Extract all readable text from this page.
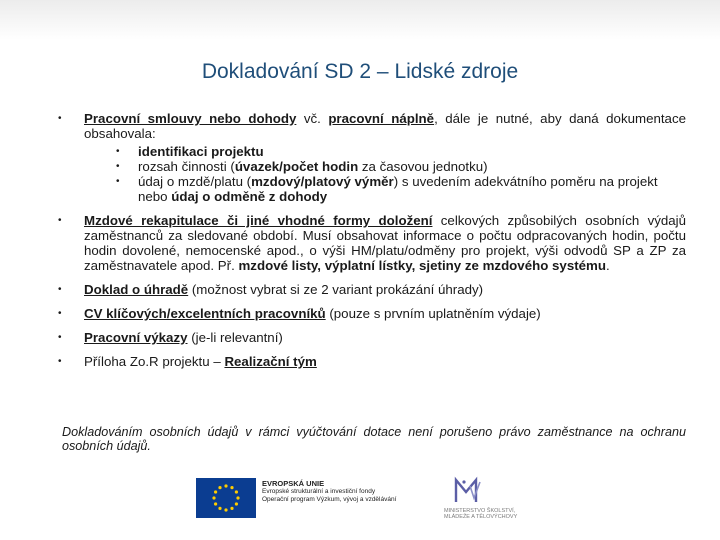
Dokladování SD 2 – Lidské zdroje
• Pracovní smlouvy nebo dohody vč. pracovní náplně, dále je nutné, aby daná dokumentace obsahovala:
• identifikaci projektu
• rozsah činnosti (úvazek/počet hodin za časovou jednotku)
• údaj o mzdě/platu (mzdový/platový výměr) s uvedením adekvátního poměru na projekt nebo údaj o odměně z dohody
• Mzdové rekapitulace či jiné vhodné formy doložení celkových způsobilých osobních výdajů zaměstnanců za sledované období. Musí obsahovat informace o počtu odpracovaných hodin, počtu hodin dovolené, nemocenské apod., o výši HM/platu/odměny pro projekt, výši odvodů SP a ZP za zaměstnavatele apod. Př. mzdové listy, výplatní lístky, sjetiny ze mzdového systému.
• Doklad o úhradě (možnost vybrat si ze 2 variant prokázání úhrady)
• CV klíčových/excelentních pracovníků (pouze s prvním uplatněním výdaje)
• Pracovní výkazy (je-li relevantní)
• Příloha Zo.R projektu – Realizační tým
Dokladováním osobních údajů v rámci vyúčtování dotace není porušeno právo zaměstnance na ochranu osobních údajů.
EVROPSKÁ UNIE
Evropské strukturální a investiční fondy
Operační program Výzkum, vývoj a vzdělávání
MINISTERSTVO ŠKOLSTVÍ,
MLÁDEŽE A TĚLOVÝCHOVY
